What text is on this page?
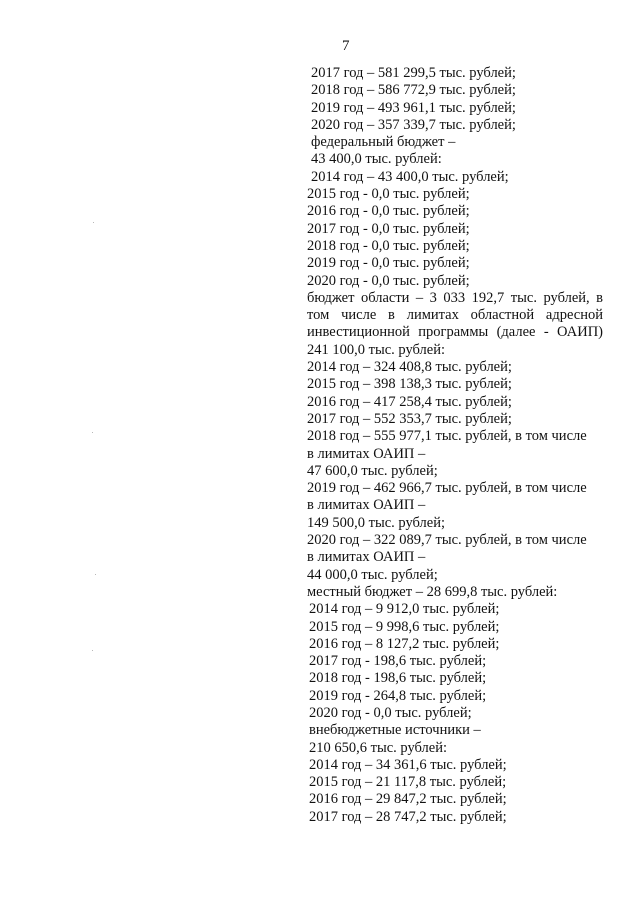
7
2017 год – 581 299,5 тыс. рублей;
2018 год – 586 772,9 тыс. рублей;
2019 год – 493 961,1 тыс. рублей;
2020 год – 357 339,7 тыс. рублей;
федеральный бюджет –
43 400,0 тыс. рублей:
2014 год – 43 400,0 тыс. рублей;
2015 год - 0,0 тыс. рублей;
2016 год - 0,0 тыс. рублей;
2017 год - 0,0 тыс. рублей;
2018 год - 0,0 тыс. рублей;
2019 год - 0,0 тыс. рублей;
2020 год - 0,0 тыс. рублей;
бюджет области – 3 033 192,7 тыс. рублей, в
том числе в лимитах областной адресной
инвестиционной программы (далее - ОАИП)
241 100,0 тыс. рублей:
2014 год – 324 408,8 тыс. рублей;
2015 год – 398 138,3 тыс. рублей;
2016 год – 417 258,4 тыс. рублей;
2017 год – 552 353,7 тыс. рублей;
2018 год – 555 977,1 тыс. рублей, в том числе
в лимитах ОАИП –
47 600,0 тыс. рублей;
2019 год – 462 966,7 тыс. рублей, в том числе
в лимитах ОАИП –
149 500,0 тыс. рублей;
2020 год – 322 089,7 тыс. рублей, в том числе
в лимитах ОАИП –
44 000,0 тыс. рублей;
местный бюджет – 28 699,8 тыс. рублей:
2014 год – 9 912,0 тыс. рублей;
2015 год – 9 998,6 тыс. рублей;
2016 год – 8 127,2 тыс. рублей;
2017 год - 198,6 тыс. рублей;
2018 год - 198,6 тыс. рублей;
2019 год - 264,8 тыс. рублей;
2020 год - 0,0 тыс. рублей;
внебюджетные источники –
210 650,6 тыс. рублей:
2014 год – 34 361,6 тыс. рублей;
2015 год – 21 117,8 тыс. рублей;
2016 год – 29 847,2 тыс. рублей;
2017 год – 28 747,2 тыс. рублей;
